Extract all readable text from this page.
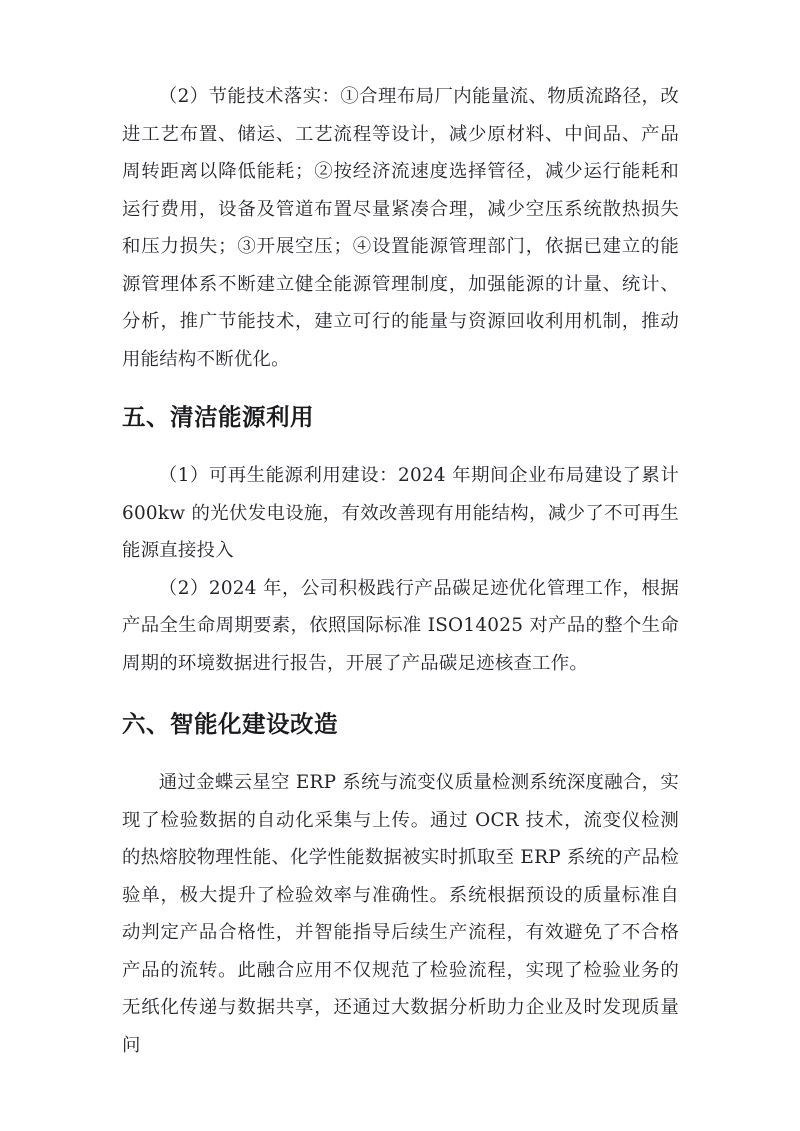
（2）节能技术落实：①合理布局厂内能量流、物质流路径，改进工艺布置、储运、工艺流程等设计，减少原材料、中间品、产品周转距离以降低能耗；②按经济流速度选择管径，减少运行能耗和运行费用，设备及管道布置尽量紧凑合理，减少空压系统散热损失和压力损失；③开展空压；④设置能源管理部门，依据已建立的能源管理体系不断建立健全能源管理制度，加强能源的计量、统计、分析，推广节能技术，建立可行的能量与资源回收利用机制，推动用能结构不断优化。

五、清洁能源利用

（1）可再生能源利用建设：2024 年期间企业布局建设了累计 600kw 的光伏发电设施，有效改善现有用能结构，减少了不可再生能源直接投入

（2）2024 年，公司积极践行产品碳足迹优化管理工作，根据产品全生命周期要素，依照国际标准 ISO14025 对产品的整个生命周期的环境数据进行报告，开展了产品碳足迹核查工作。

六、智能化建设改造

通过金蝶云星空 ERP 系统与流变仪质量检测系统深度融合，实现了检验数据的自动化采集与上传。通过 OCR 技术，流变仪检测的热熔胶物理性能、化学性能数据被实时抓取至 ERP 系统的产品检验单，极大提升了检验效率与准确性。系统根据预设的质量标准自动判定产品合格性，并智能指导后续生产流程，有效避免了不合格产品的流转。此融合应用不仅规范了检验流程，实现了检验业务的无纸化传递与数据共享，还通过大数据分析助力企业及时发现质量问
